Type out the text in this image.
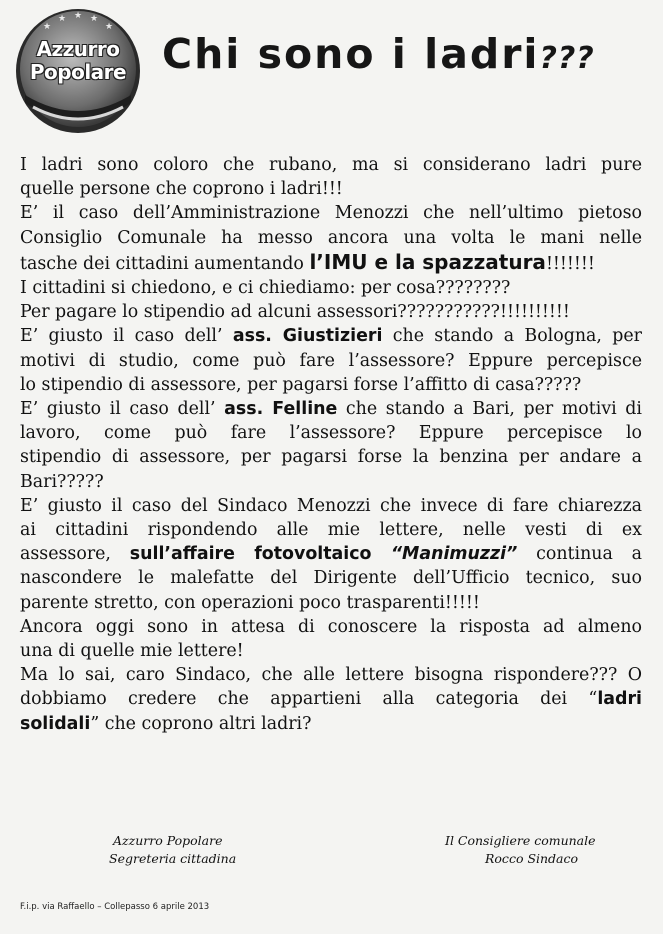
★
★ ★ ★
★
Azzurro
Popolare Chi sono i ladri???
I ladri sono coloro che rubano, ma si considerano ladri pure
quelle persone che coprono i ladri!!!
E’ il caso dell’Amministrazione Menozzi che nell’ultimo pietoso
Consiglio Comunale ha messo ancora una volta le mani nelle
tasche dei cittadini aumentando l’IMU e la spazzatura!!!!!!!
I cittadini si chiedono, e ci chiediamo: per cosa????????
Per pagare lo stipendio ad alcuni assessori???????????!!!!!!!!!!
E’ giusto il caso dell’ ass. Giustizieri che stando a Bologna, per
motivi di studio, come può fare l’assessore? Eppure percepisce
lo stipendio di assessore, per pagarsi forse l’affitto di casa?????
E’ giusto il caso dell’ ass. Felline che stando a Bari, per motivi di
lavoro, come può fare l’assessore? Eppure percepisce lo
stipendio di assessore, per pagarsi forse la benzina per andare a
Bari?????
E’ giusto il caso del Sindaco Menozzi che invece di fare chiarezza
ai cittadini rispondendo alle mie lettere, nelle vesti di ex
assessore, sull’affaire fotovoltaico “Manimuzzi” continua a
nascondere le malefatte del Dirigente dell’Ufficio tecnico, suo
parente stretto, con operazioni poco trasparenti!!!!!
Ancora oggi sono in attesa di conoscere la risposta ad almeno
una di quelle mie lettere!
Ma lo sai, caro Sindaco, che alle lettere bisogna rispondere??? O
dobbiamo credere che appartieni alla categoria dei “ladri
solidali” che coprono altri ladri?
Azzurro Popolare
Segreteria cittadina
Il Consigliere comunale
Rocco Sindaco
F.i.p. via Raffaello – Collepasso 6 aprile 2013
